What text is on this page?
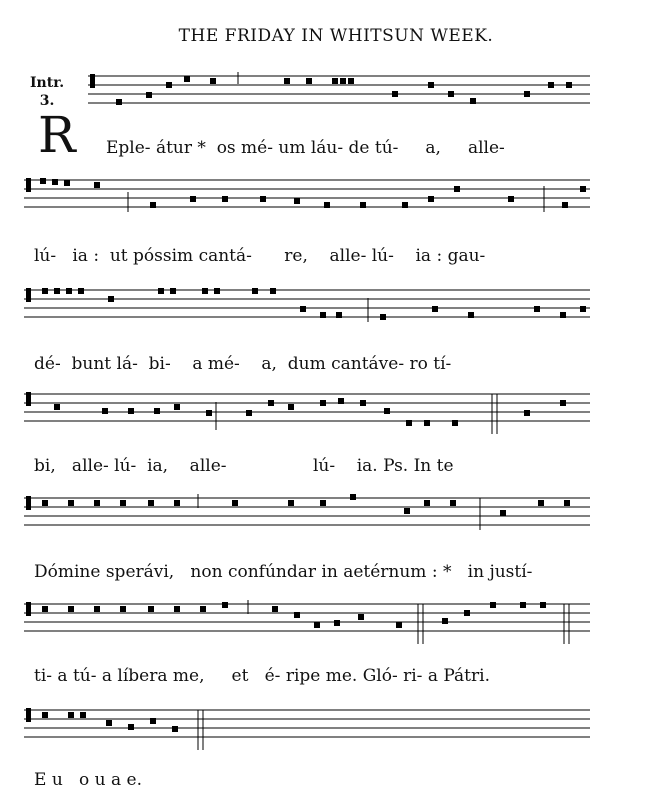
THE FRIDAY IN WHITSUN WEEK.
Intr.
3.
R Eple- átur *  os mé- um láu- de tú-     a,     alle-
lú-   ia :  ut póssim cantá-      re,    alle- lú-    ia : gau-
dé-  bunt lá-  bi-    a mé-    a,  dum cantáve- ro tí-
bi,   alle- lú-  ia,    alle-                lú-    ia. Ps. In te
Dómine sperávi,   non confúndar in aetérnum : *   in justí-
ti- a tú- a líbera me,     et   é- ripe me. Gló- ri- a Pátri.
E u   o u a e.
